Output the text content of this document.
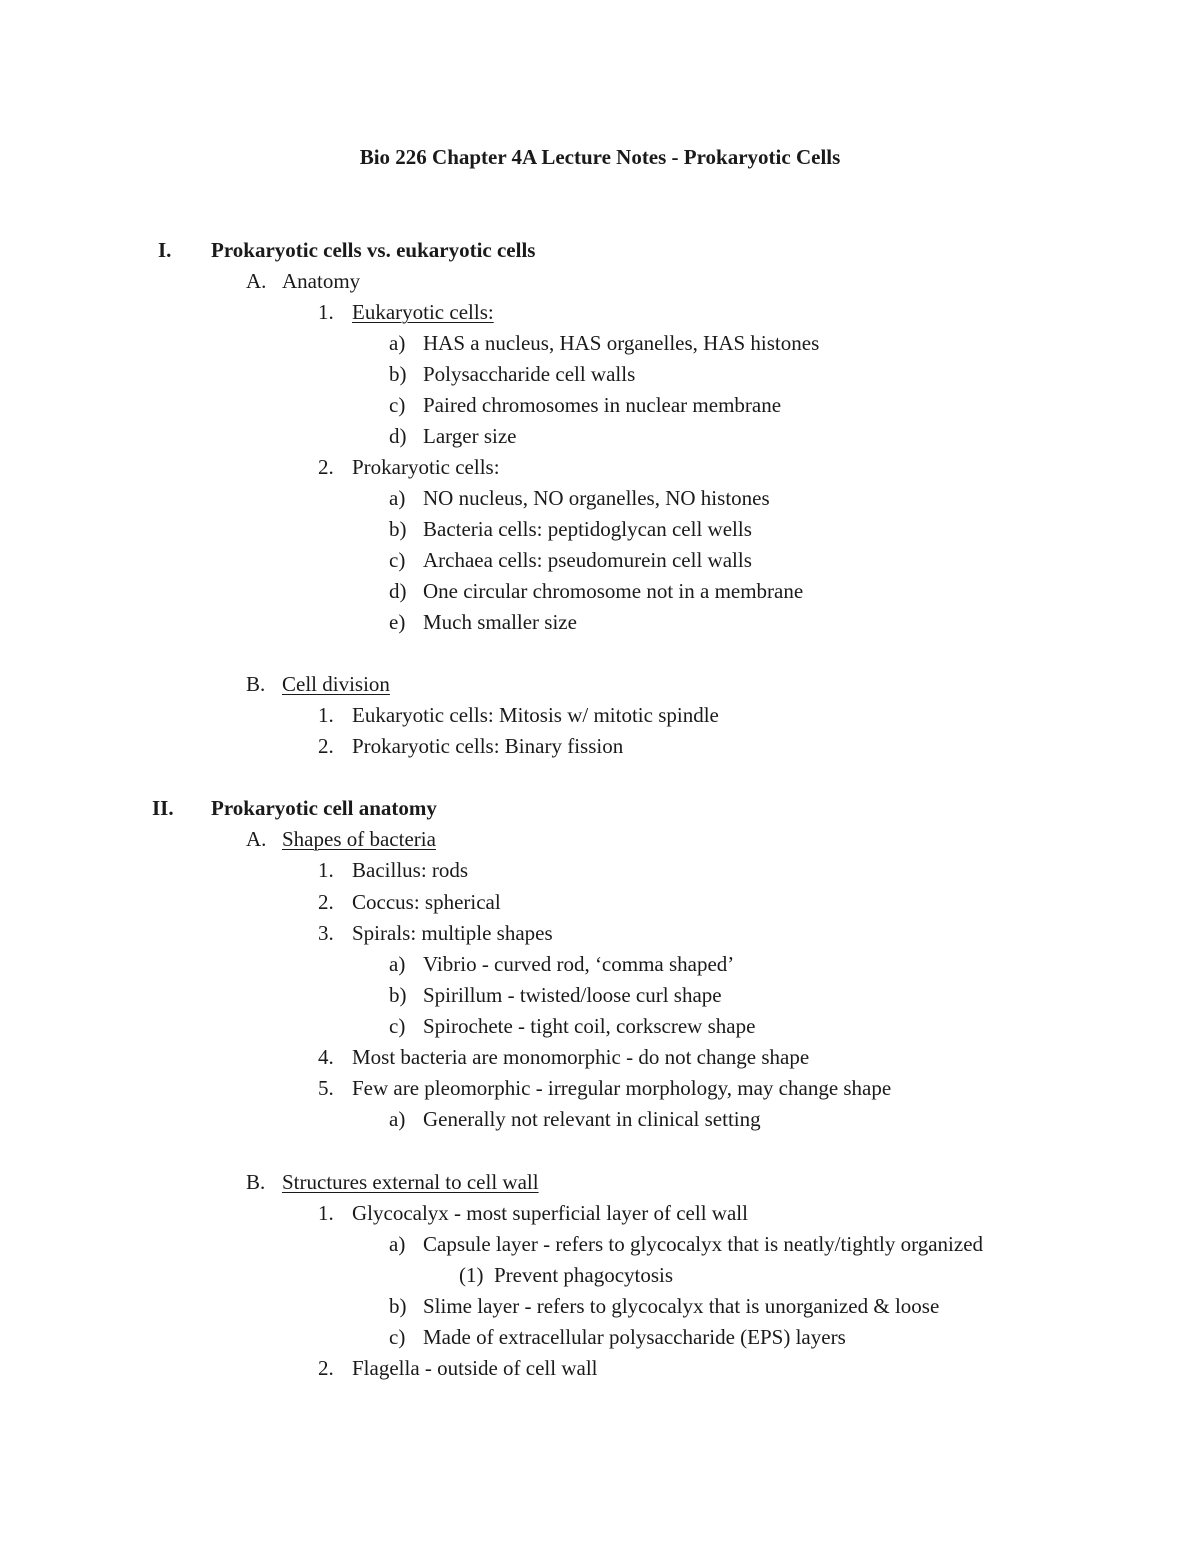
Bio 226 Chapter 4A Lecture Notes - Prokaryotic Cells
I. Prokaryotic cells vs. eukaryotic cells
A. Anatomy
1. Eukaryotic cells:
a) HAS a nucleus, HAS organelles, HAS histones
b) Polysaccharide cell walls
c) Paired chromosomes in nuclear membrane
d) Larger size
2. Prokaryotic cells:
a) NO nucleus, NO organelles, NO histones
b) Bacteria cells: peptidoglycan cell wells
c) Archaea cells: pseudomurein cell walls
d) One circular chromosome not in a membrane
e) Much smaller size
B. Cell division
1. Eukaryotic cells: Mitosis w/ mitotic spindle
2. Prokaryotic cells: Binary fission
II. Prokaryotic cell anatomy
A. Shapes of bacteria
1. Bacillus: rods
2. Coccus: spherical
3. Spirals: multiple shapes
a) Vibrio - curved rod, ‘comma shaped’
b) Spirillum - twisted/loose curl shape
c) Spirochete - tight coil, corkscrew shape
4. Most bacteria are monomorphic - do not change shape
5. Few are pleomorphic - irregular morphology, may change shape
a) Generally not relevant in clinical setting
B. Structures external to cell wall
1. Glycocalyx - most superficial layer of cell wall
a) Capsule layer - refers to glycocalyx that is neatly/tightly organized
(1) Prevent phagocytosis
b) Slime layer - refers to glycocalyx that is unorganized & loose
c) Made of extracellular polysaccharide (EPS) layers
2. Flagella - outside of cell wall
